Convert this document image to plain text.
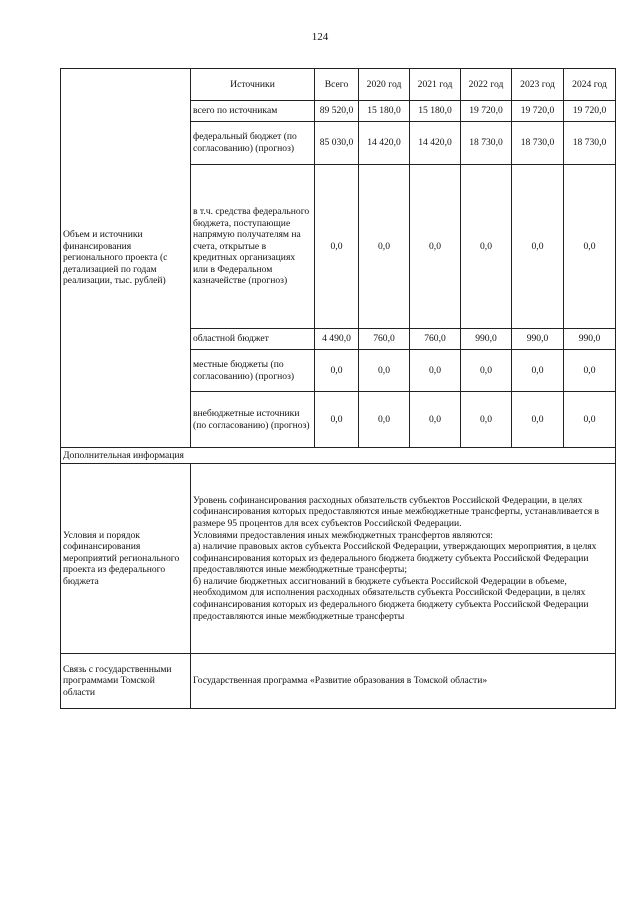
124
Объем и источники финансирования регионального проекта (с детализацией по годам реализации, тыс. рублей)	Источники	Всего	2020 год	2021 год	2022 год	2023 год	2024 год
	всего по источникам	89 520,0	15 180,0	15 180,0	19 720,0	19 720,0	19 720,0
	федеральный бюджет (по согласованию) (прогноз)	85 030,0	14 420,0	14 420,0	18 730,0	18 730,0	18 730,0
	в т.ч. средства федерального бюджета, поступающие напрямую получателям на счета, открытые в кредитных организациях или в Федеральном казначействе (прогноз)	0,0	0,0	0,0	0,0	0,0	0,0
	областной бюджет	4 490,0	760,0	760,0	990,0	990,0	990,0
	местные бюджеты (по согласованию) (прогноз)	0,0	0,0	0,0	0,0	0,0	0,0
	внебюджетные источники (по согласованию) (прогноз)	0,0	0,0	0,0	0,0	0,0	0,0
Дополнительная информация							
Условия и порядок софинансирования мероприятий регионального проекта из федерального бюджета	Уровень софинансирования расходных обязательств субъектов Российской Федерации, в целях софинансирования которых предоставляются иные межбюджетные трансферты, устанавливается в размере 95 процентов для всех субъектов Российской Федерации.
Условиями предоставления иных межбюджетных трансфертов являются:
а) наличие правовых актов субъекта Российской Федерации, утверждающих мероприятия, в целях софинансирования которых из федерального бюджета бюджету субъекта Российской Федерации предоставляются иные межбюджетные трансферты;
б) наличие бюджетных ассигнований в бюджете субъекта Российской Федерации в объеме, необходимом для исполнения расходных обязательств субъекта Российской Федерации, в целях софинансирования которых из федерального бюджета бюджету субъекта Российской Федерации предоставляются иные межбюджетные трансферты						

Связь с государственными программами Томской области	Государственная программа «Развитие образования в Томской области»						
